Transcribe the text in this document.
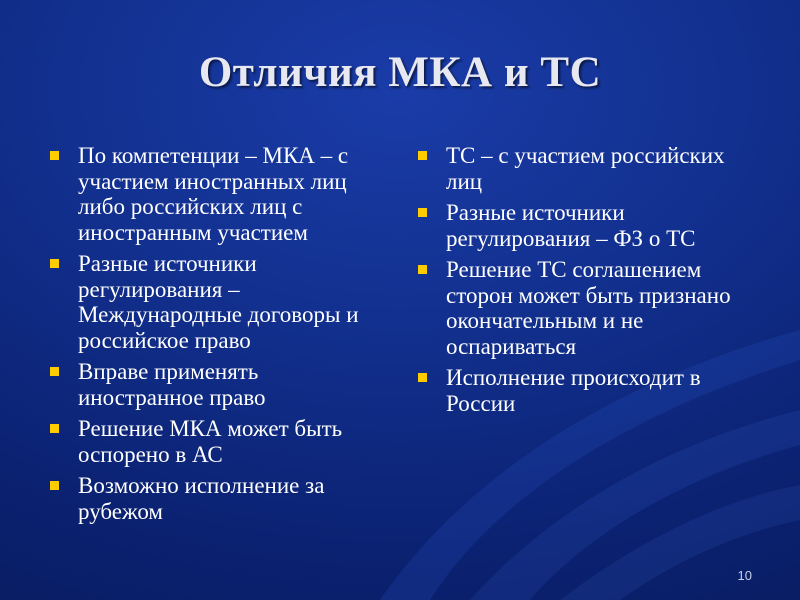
Отличия МКА и ТС
По компетенции – МКА – с участием иностранных лиц либо российских лиц с иностранным участием
Разные источники регулирования – Международные договоры и российское право
Вправе применять иностранное право
Решение МКА может быть оспорено в АС
Возможно исполнение за рубежом
ТС – с участием российских лиц
Разные источники регулирования – ФЗ о ТС
Решение ТС соглашением сторон может быть признано окончательным и не оспариваться
Исполнение происходит в России
10
